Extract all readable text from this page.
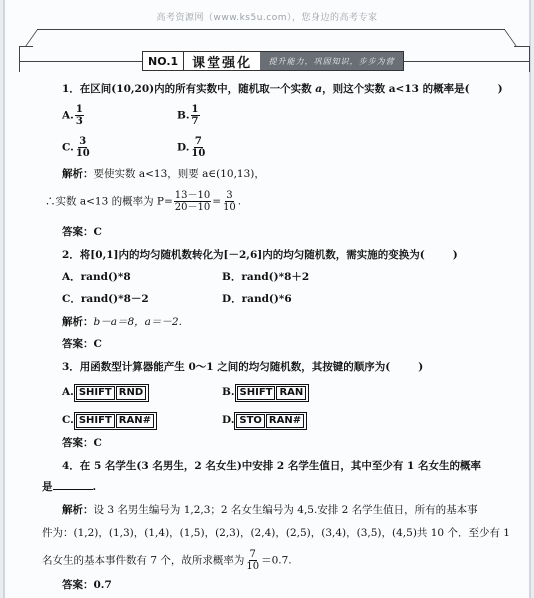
高考资源网（www.ks5u.com），您身边的高考专家
NO.1	课堂强化	提升能力，巩固知识，步步为营
1．在区间(10,20)内的所有实数中，随机取一个实数 a，则这个实数 a<13 的概率是(	)
A. $\frac{1}{3}$	B. $\frac{1}{7}$
C. $\frac{3}{10}$	D. $\frac{7}{10}$
解析：要使实数 a<13，则要 a∈(10,13)，
∴实数 a<13 的概率为 $P= \frac{13-10}{20-10} = \frac{3}{10}$ .
答案：C
2．将[0,1]内的均匀随机数转化为[－2,6]内的均匀随机数，需实施的变换为(	)
A．rand()*8	B．rand()*8＋2
C．rand()*8－2	D．rand()*6
解析：b－a＝8，a＝－2.
答案：C
3．用函数型计算器能产生 0～1 之间的均匀随机数，其按键的顺序为(	)
A. SHIFT RND	B. SHIFT RAN
C. SHIFT RAN#	D. STO RAN#
答案：C
4．在 5 名学生(3 名男生，2 名女生)中安排 2 名学生值日，其中至少有 1 名女生的概率
是	.
解析：设 3 名男生编号为 1,2,3；2 名女生编号为 4,5.安排 2 名学生值日，所有的基本事
件为：(1,2)，(1,3)，(1,4)，(1,5)，(2,3)，(2,4)，(2,5)，(3,4)，(3,5)，(4,5)共 10 个．至少有 1
名女生的基本事件数有 7 个，故所求概率为 $\frac{7}{10} =0.7$.
答案：0.7
